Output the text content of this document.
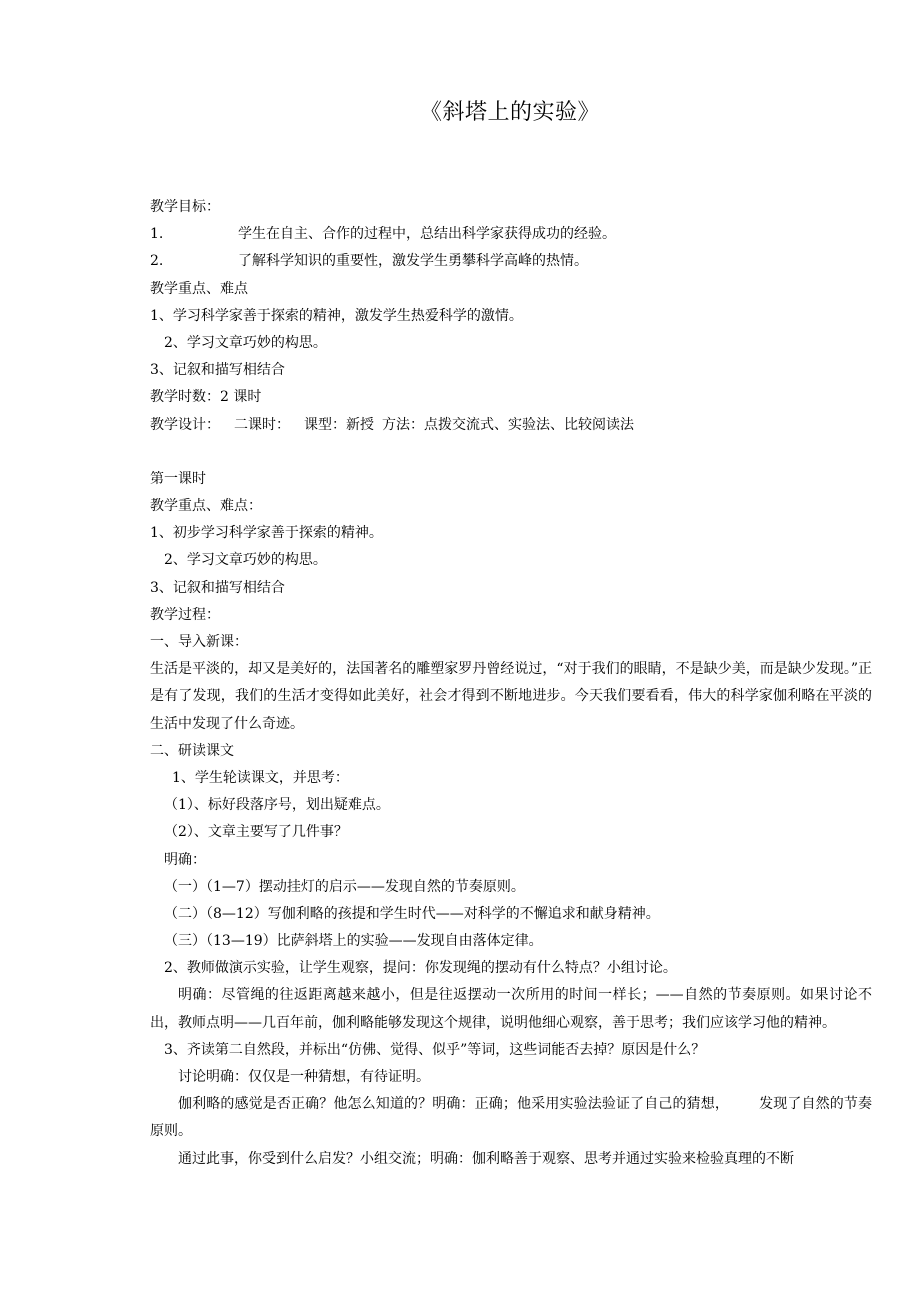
《斜塔上的实验》
教学目标：
1.	学生在自主、合作的过程中，总结出科学家获得成功的经验。
2.	了解科学知识的重要性，激发学生勇攀科学高峰的热情。
教学重点、难点
1、学习科学家善于探索的精神，激发学生热爱科学的激情。
2、学习文章巧妙的构思。
3、记叙和描写相结合
教学时数：2 课时
教学设计： 二课时： 课型：新授 方法：点拨交流式、实验法、比较阅读法
第一课时
教学重点、难点：
1、初步学习科学家善于探索的精神。
2、学习文章巧妙的构思。
3、记叙和描写相结合
教学过程：
一、导入新课：
生活是平淡的，却又是美好的，法国著名的雕塑家罗丹曾经说过，“对于我们的眼睛，不是缺少美，而是缺少发现。”正是有了发现，我们的生活才变得如此美好，社会才得到不断地进步。今天我们要看看，伟大的科学家伽利略在平淡的生活中发现了什么奇迹。
二、研读课文
1、学生轮读课文，并思考：
（1）、标好段落序号，划出疑难点。
（2）、文章主要写了几件事？
明确：
（一）（1—7）摆动挂灯的启示——发现自然的节奏原则。
（二）（8—12）写伽利略的孩提和学生时代——对科学的不懈追求和献身精神。
（三）（13—19）比萨斜塔上的实验——发现自由落体定律。
2、教师做演示实验，让学生观察，提问：你发现绳的摆动有什么特点？小组讨论。
明确：尽管绳的往返距离越来越小，但是往返摆动一次所用的时间一样长；——自然的节奏原则。如果讨论不出，教师点明——几百年前，伽利略能够发现这个规律，说明他细心观察，善于思考；我们应该学习他的精神。
3、齐读第二自然段，并标出“仿佛、觉得、似乎”等词，这些词能否去掉？原因是什么？
讨论明确：仅仅是一种猜想，有待证明。
伽利略的感觉是否正确？他怎么知道的？明确：正确；他采用实验法验证了自己的猜想， 发现了自然的节奏原则。
通过此事，你受到什么启发？小组交流；明确：伽利略善于观察、思考并通过实验来检验真理的不断
